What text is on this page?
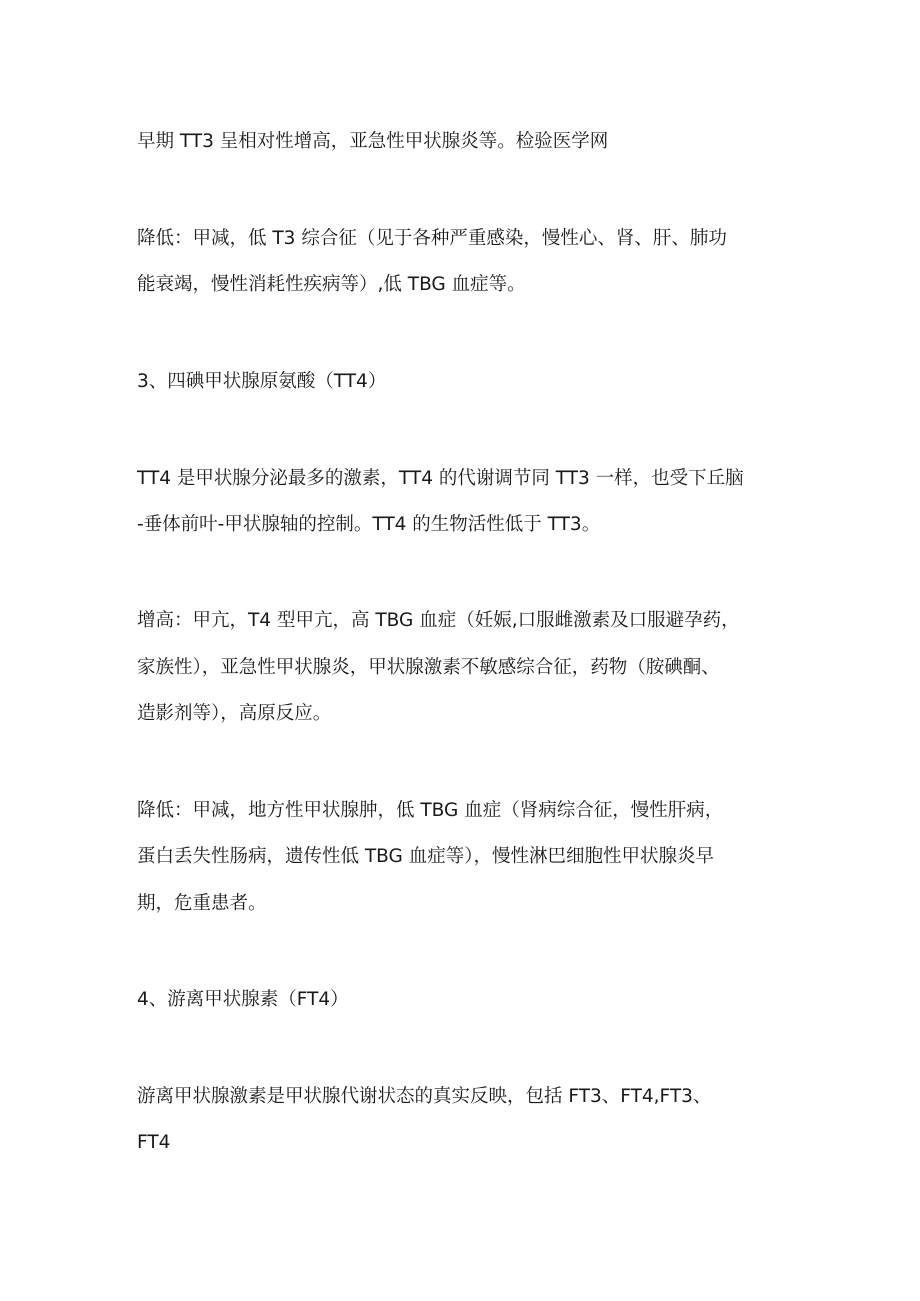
早期 TT3 呈相对性增高，亚急性甲状腺炎等。检验医学网
降低：甲减，低 T3 综合征（见于各种严重感染，慢性心、肾、肝、肺功
能衰竭，慢性消耗性疾病等）,低 TBG 血症等。
3、四碘甲状腺原氨酸（TT4）
TT4 是甲状腺分泌最多的激素，TT4 的代谢调节同 TT3 一样，也受下丘脑
-垂体前叶-甲状腺轴的控制。TT4 的生物活性低于 TT3。
增高：甲亢，T4 型甲亢，高 TBG 血症（妊娠,口服雌激素及口服避孕药，
家族性），亚急性甲状腺炎，甲状腺激素不敏感综合征，药物（胺碘酮、
造影剂等），高原反应。
降低：甲减，地方性甲状腺肿，低 TBG 血症（肾病综合征，慢性肝病，
蛋白丢失性肠病，遗传性低 TBG 血症等），慢性淋巴细胞性甲状腺炎早
期，危重患者。
4、游离甲状腺素（FT4）
游离甲状腺激素是甲状腺代谢状态的真实反映，包括 FT3、FT4,FT3、
FT4
